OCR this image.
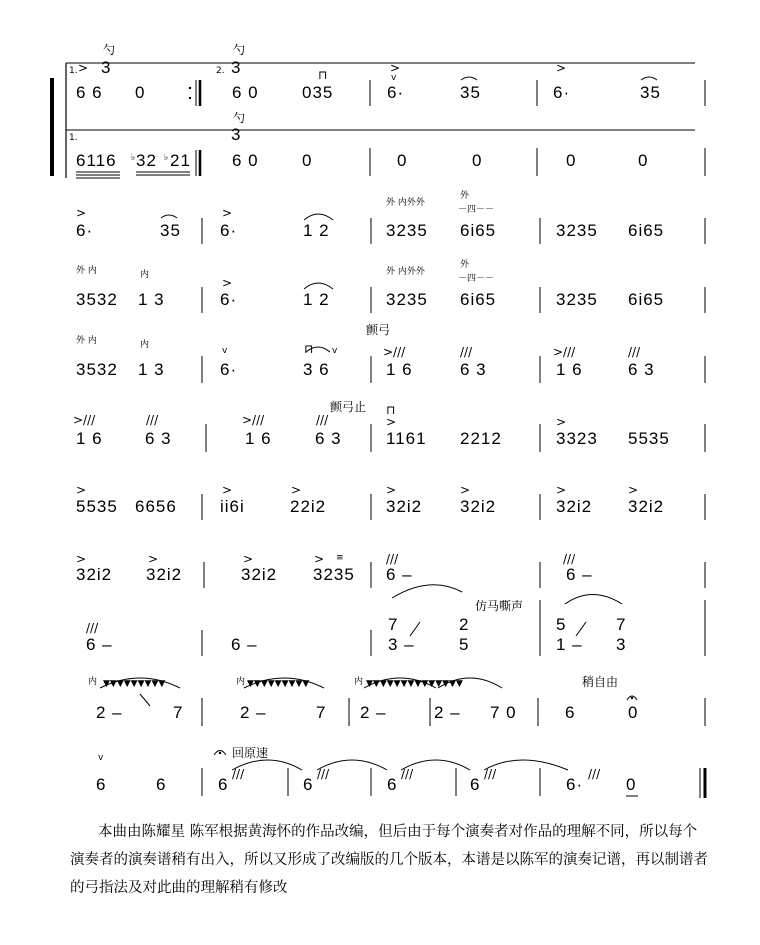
1.	2.
1.
勺
3
勺
3
勺
3
>
6 6 0	6 0
⊓
035
>
v
6·	35
>
6·	35
6116 32 21
♭	♭	6 0	0	0	0	0	0
>
6·	35
>
6·	1 2
外 内外外
3235
外
－四－－
6i65	3235 6i65
外 内
3532
内
1 3
>
6·	1 2
外 内外外
3235
外
－四－－
6i65	3235 6i65
外 内
3532
内
1 3
v
6·
⊓ v
3 6
颤弓
>///
1 6
///
6 3
>///
1 6
///
6 3
>///
1 6
///
6 3
>///
1 6
///
6 3
颤弓止 ⊓
>
1161 2212
>
3323 5535
>
5535 6656
>
ii6i
>
22i2
>
32i2
>
32i2
>
32i2
>
32i2
>
32i2
>
32i2
>
32i2
> ≡
3235
///
6 –
///
6 –
///
6 –	6 –
7	2
仿马嘶声
3 –	5
5	7
1 – 3
内 ▼▼▼▼▼▼▼▼▼
2 –	7
内 ▼▼▼▼▼▼▼▼▼
2 –	7
内 ▼▼▼▼▼▼▼▼▼▼▼▼▼▼
2 –	2 – 7 0
稍自由
6	0
v
6	6
回原速
6
///
6
///
6
///
6
///
6·
///
0
本曲由陈耀星 陈军根据黄海怀的作品改编，但后由于每个演奏者对作品的理解不同，所以每个演奏者的演奏谱稍有出入，所以又形成了改编版的几个版本，本谱是以陈军的演奏记谱，再以制谱者的弓指法及对此曲的理解稍有修改
